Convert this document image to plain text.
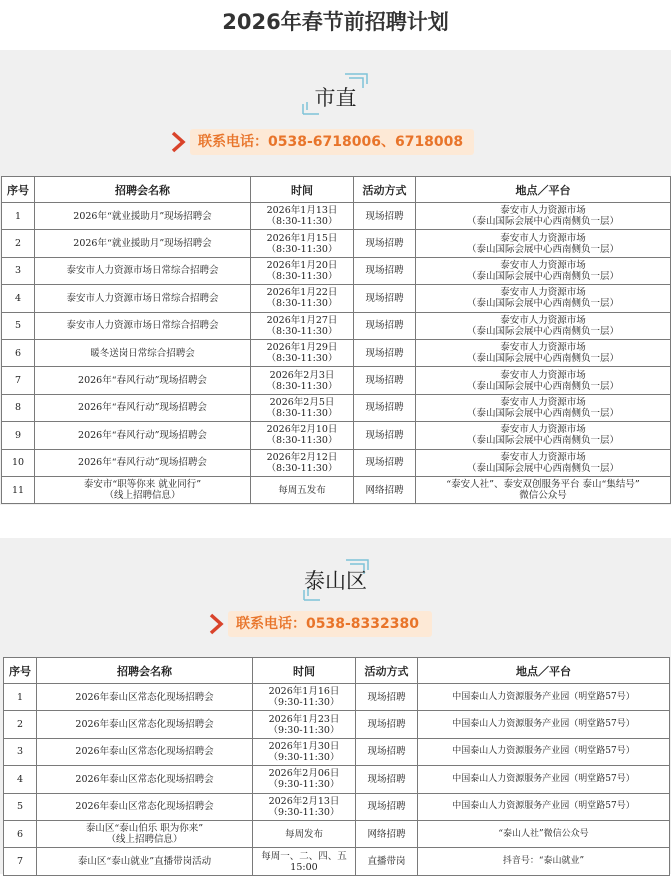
2026年春节前招聘计划
市直
联系电话：0538-6718006、6718008
序号	招聘会名称	时间	活动方式	地点／平台
1	2026年“就业援助月”现场招聘会	2026年1月13日
（8:30-11:30）	现场招聘	泰安市人力资源市场
（泰山国际会展中心西南侧负一层）
2	2026年“就业援助月”现场招聘会	2026年1月15日
（8:30-11:30）	现场招聘	泰安市人力资源市场
（泰山国际会展中心西南侧负一层）
3	泰安市人力资源市场日常综合招聘会	2026年1月20日
（8:30-11:30）	现场招聘	泰安市人力资源市场
（泰山国际会展中心西南侧负一层）
4	泰安市人力资源市场日常综合招聘会	2026年1月22日
（8:30-11:30）	现场招聘	泰安市人力资源市场
（泰山国际会展中心西南侧负一层）
5	泰安市人力资源市场日常综合招聘会	2026年1月27日
（8:30-11:30）	现场招聘	泰安市人力资源市场
（泰山国际会展中心西南侧负一层）
6	暖冬送岗日常综合招聘会	2026年1月29日
（8:30-11:30）	现场招聘	泰安市人力资源市场
（泰山国际会展中心西南侧负一层）
7	2026年“春风行动”现场招聘会	2026年2月3日
（8:30-11:30）	现场招聘	泰安市人力资源市场
（泰山国际会展中心西南侧负一层）
8	2026年“春风行动”现场招聘会	2026年2月5日
（8:30-11:30）	现场招聘	泰安市人力资源市场
（泰山国际会展中心西南侧负一层）
9	2026年“春风行动”现场招聘会	2026年2月10日
（8:30-11:30）	现场招聘	泰安市人力资源市场
（泰山国际会展中心西南侧负一层）
10	2026年“春风行动”现场招聘会	2026年2月12日
（8:30-11:30）	现场招聘	泰安市人力资源市场
（泰山国际会展中心西南侧负一层）
11	泰安市“职等你来 就业同行”
（线上招聘信息）	每周五发布	网络招聘	“泰安人社”、泰安双创服务平台 泰山“集结号”
微信公众号
泰山区
联系电话：0538-8332380
序号	招聘会名称	时间	活动方式	地点／平台
1	2026年泰山区常态化现场招聘会	2026年1月16日
（9:30-11:30）	现场招聘	中国泰山人力资源服务产业园（明堂路57号）
2	2026年泰山区常态化现场招聘会	2026年1月23日
（9:30-11:30）	现场招聘	中国泰山人力资源服务产业园（明堂路57号）
3	2026年泰山区常态化现场招聘会	2026年1月30日
（9:30-11:30）	现场招聘	中国泰山人力资源服务产业园（明堂路57号）
4	2026年泰山区常态化现场招聘会	2026年2月06日
（9:30-11:30）	现场招聘	中国泰山人力资源服务产业园（明堂路57号）
5	2026年泰山区常态化现场招聘会	2026年2月13日
（9:30-11:30）	现场招聘	中国泰山人力资源服务产业园（明堂路57号）
6	泰山区“泰山伯乐 职为你来”
（线上招聘信息）	每周发布	网络招聘	“泰山人社”微信公众号
7	泰山区“泰山就业”直播带岗活动	每周一、二、四、五
15:00	直播带岗	抖音号：“泰山就业”
